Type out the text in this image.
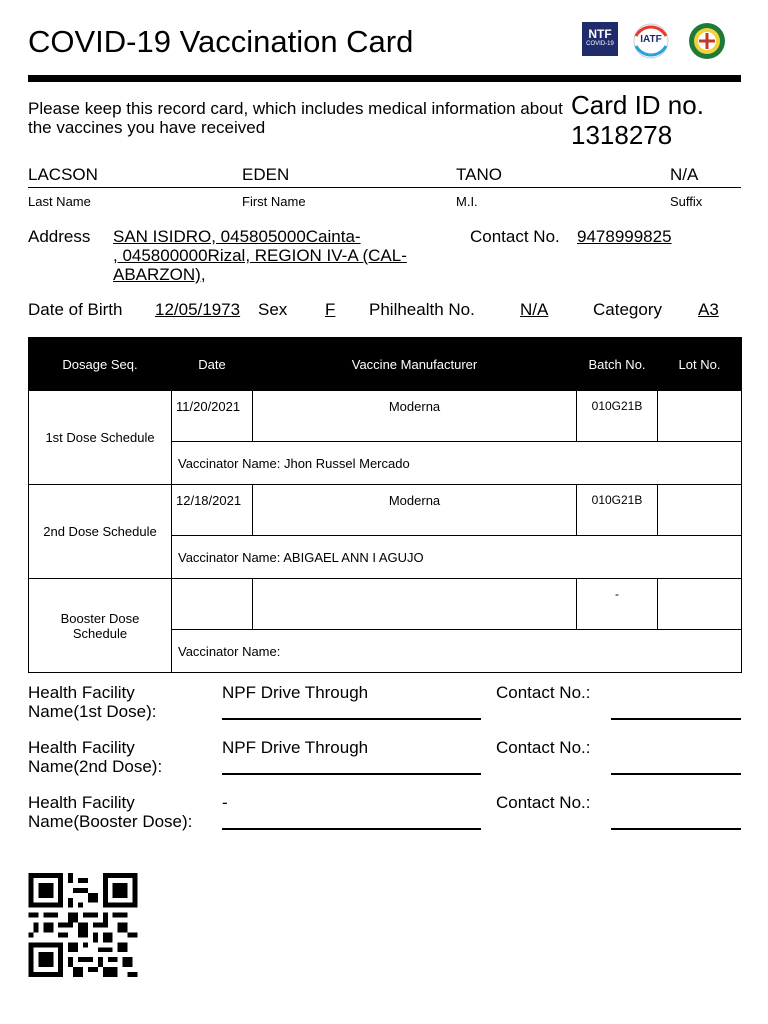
COVID-19 Vaccination Card	NTF
COVID-19	IATF
Please keep this record card, which includes medical information about the vaccines you have received
Card ID no.
1318278
LACSON	EDEN	TANO	N/A
Last Name	First Name	M.I.	Suffix
Address SAN ISIDRO, 045805000Cainta-
, 045800000Rizal, REGION IV-A (CAL-
ABARZON),
Contact No. 9478999825
Date of Birth 12/05/1973 Sex F Philhealth No.	N/A	Category A3
Dosage Seq.	Date	Vaccine Manufacturer	Batch No.	Lot No.
1st Dose Schedule	11/20/2021	Moderna	010G21B	
	Vaccinator Name: Jhon Russel Mercado			
2nd Dose Schedule	12/18/2021	Moderna	010G21B	
	Vaccinator Name: ABIGAEL ANN I AGUJO			
Booster Dose Schedule			-	
	Vaccinator Name:			
Health Facility
Name(1st Dose):
NPF Drive Through	Contact No.:
Health Facility
Name(2nd Dose):
NPF Drive Through	Contact No.:
Health Facility
Name(Booster Dose):
-	Contact No.:
